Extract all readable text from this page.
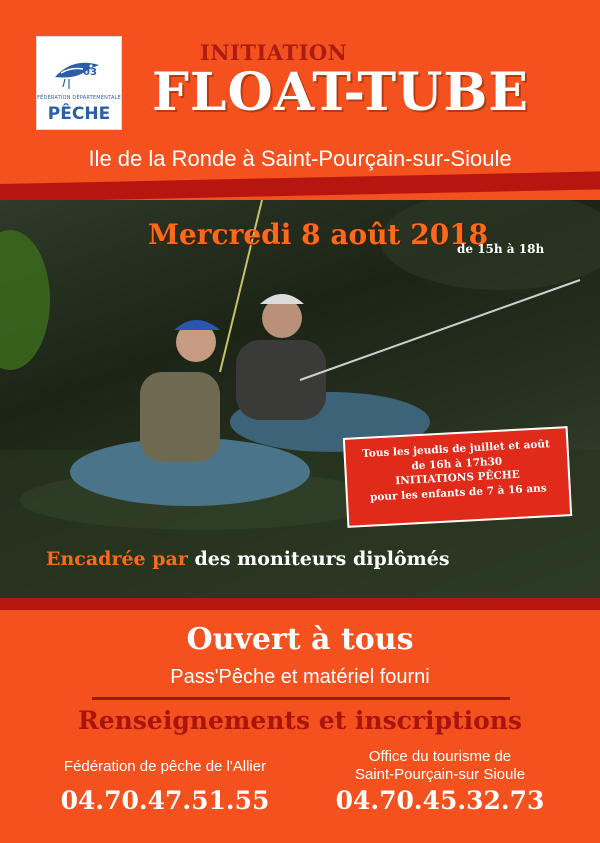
03
FÉDÉRATION DÉPARTEMENTALE
PÊCHE
INITIATION
FLOAT-TUBE
Ile de la Ronde à Saint-Pourçain-sur-Sioule
Mercredi 8 août 2018
de 15h à 18h
Tous les jeudis de juillet et août
de 16h à 17h30
INITIATIONS PÊCHE
pour les enfants de 7 à 16 ans
Encadrée par des moniteurs diplômés
Ouvert à tous
Pass'Pêche et matériel fourni
Renseignements et inscriptions
Fédération de pêche de l'Allier
Office du tourisme de
Saint-Pourçain-sur Sioule
04.70.47.51.55	04.70.45.32.73
